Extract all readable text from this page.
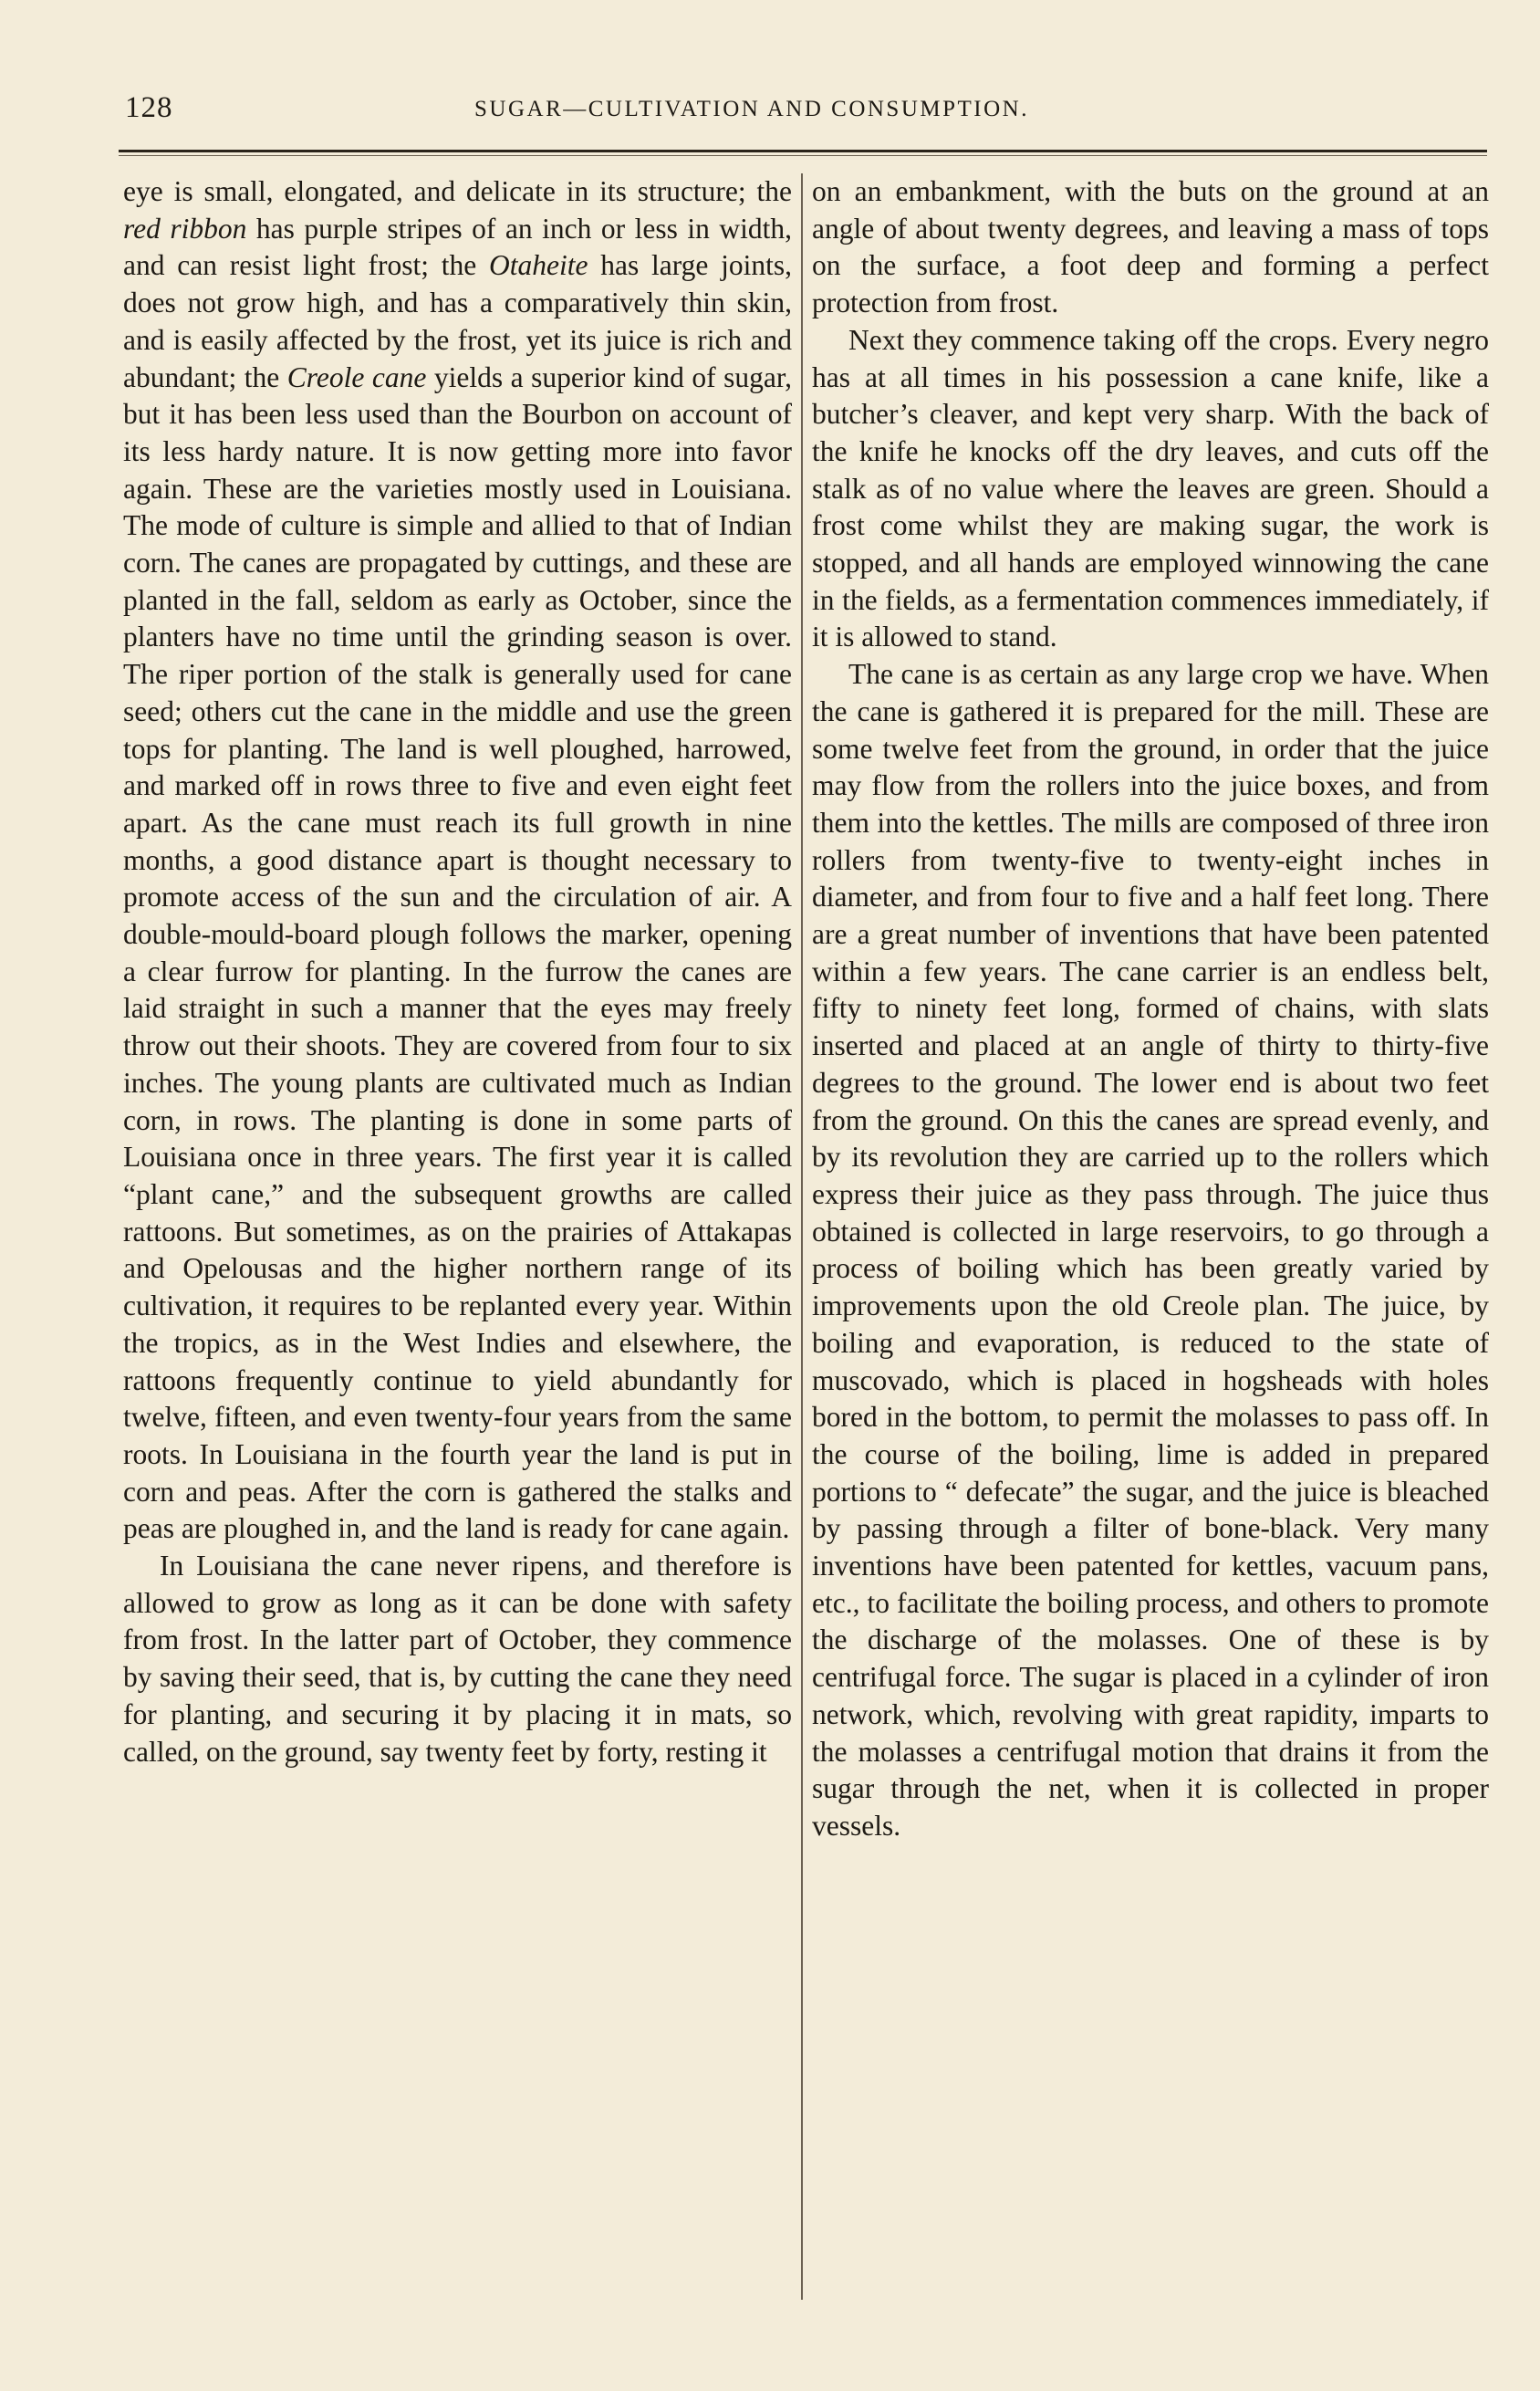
128	SUGAR—CULTIVATION AND CONSUMPTION.

eye is small, elongated, and delicate in its structure; the red ribbon has purple stripes of an inch or less in width, and can resist light frost; the Otaheite has large joints, does not grow high, and has a comparatively thin skin, and is easily affected by the frost, yet its juice is rich and abundant; the Creole cane yields a superior kind of sugar, but it has been less used than the Bourbon on account of its less hardy nature. It is now getting more into favor again. These are the varieties mostly used in Louisiana. The mode of culture is simple and allied to that of Indian corn. The canes are propagated by cuttings, and these are planted in the fall, seldom as early as October, since the planters have no time until the grinding season is over. The riper portion of the stalk is generally used for cane seed; others cut the cane in the middle and use the green tops for planting. The land is well ploughed, harrowed, and marked off in rows three to five and even eight feet apart. As the cane must reach its full growth in nine months, a good distance apart is thought necessary to promote access of the sun and the circulation of air. A double-mould-board plough follows the marker, opening a clear furrow for planting. In the furrow the canes are laid straight in such a manner that the eyes may freely throw out their shoots. They are covered from four to six inches. The young plants are cultivated much as Indian corn, in rows. The planting is done in some parts of Louisiana once in three years. The first year it is called “plant cane,” and the subsequent growths are called rattoons. But sometimes, as on the prairies of Attakapas and Opelousas and the higher northern range of its cultivation, it requires to be replanted every year. Within the tropics, as in the West Indies and elsewhere, the rattoons frequently continue to yield abundantly for twelve, fifteen, and even twenty-four years from the same roots. In Louisiana in the fourth year the land is put in corn and peas. After the corn is gathered the stalks and peas are ploughed in, and the land is ready for cane again.

In Louisiana the cane never ripens, and therefore is allowed to grow as long as it can be done with safety from frost. In the latter part of October, they commence by saving their seed, that is, by cutting the cane they need for planting, and securing it by placing it in mats, so called, on the ground, say twenty feet by forty, resting it

on an embankment, with the buts on the ground at an angle of about twenty degrees, and leaving a mass of tops on the surface, a foot deep and forming a perfect protection from frost.

Next they commence taking off the crops. Every negro has at all times in his possession a cane knife, like a butcher’s cleaver, and kept very sharp. With the back of the knife he knocks off the dry leaves, and cuts off the stalk as of no value where the leaves are green. Should a frost come whilst they are making sugar, the work is stopped, and all hands are employed winnowing the cane in the fields, as a fermentation commences immediately, if it is allowed to stand.

The cane is as certain as any large crop we have. When the cane is gathered it is prepared for the mill. These are some twelve feet from the ground, in order that the juice may flow from the rollers into the juice boxes, and from them into the kettles. The mills are composed of three iron rollers from twenty-five to twenty-eight inches in diameter, and from four to five and a half feet long. There are a great number of inventions that have been patented within a few years. The cane carrier is an endless belt, fifty to ninety feet long, formed of chains, with slats inserted and placed at an angle of thirty to thirty-five degrees to the ground. The lower end is about two feet from the ground. On this the canes are spread evenly, and by its revolution they are carried up to the rollers which express their juice as they pass through. The juice thus obtained is collected in large reservoirs, to go through a process of boiling which has been greatly varied by improvements upon the old Creole plan. The juice, by boiling and evaporation, is reduced to the state of muscovado, which is placed in hogsheads with holes bored in the bottom, to permit the molasses to pass off. In the course of the boiling, lime is added in prepared portions to “ defecate” the sugar, and the juice is bleached by passing through a filter of bone-black. Very many inventions have been patented for kettles, vacuum pans, etc., to facilitate the boiling process, and others to promote the discharge of the molasses. One of these is by centrifugal force. The sugar is placed in a cylinder of iron network, which, revolving with great rapidity, imparts to the molasses a centrifugal motion that drains it from the sugar through the net, when it is collected in proper vessels.
